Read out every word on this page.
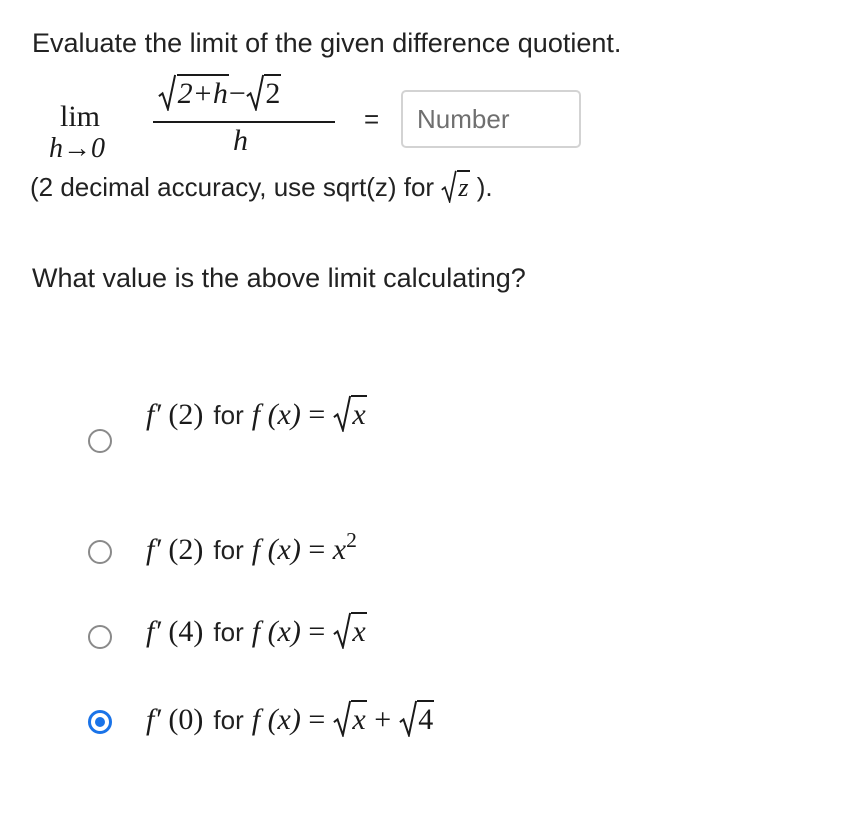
Evaluate the limit of the given difference quotient.
lim
h→0
2+h− 2
h
=
Number
(2 decimal accuracy, use sqrt(z) for
z ).
What value is the above limit calculating?
f′ (2) for f (x) = x
f′ (2) for f $(x) = x^2$
f′ (4) for f (x) = x
f′ (0) for f (x) = x + 4
